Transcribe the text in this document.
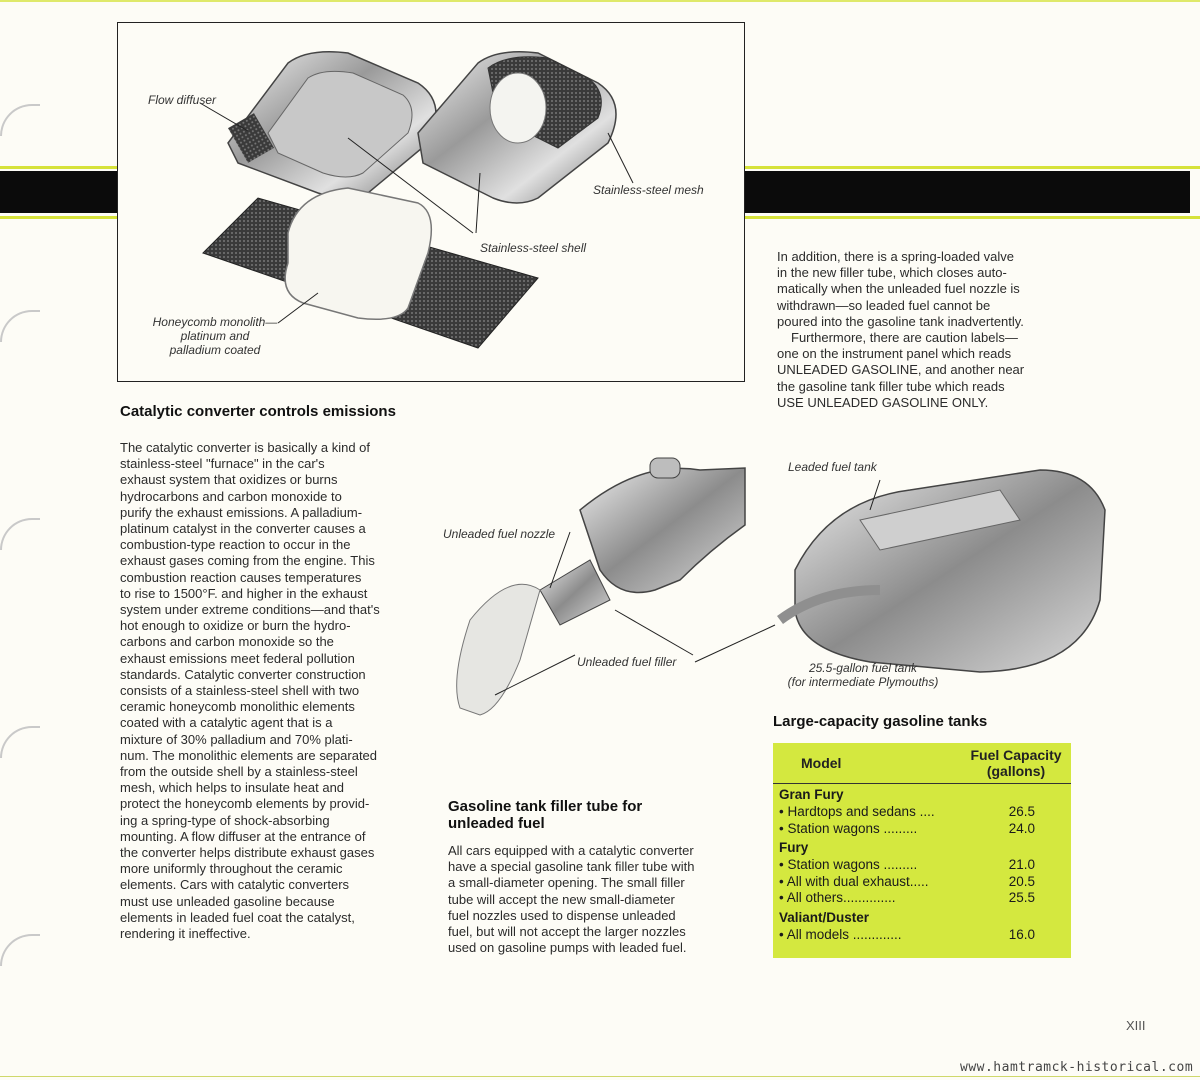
Flow diffuser
Stainless-steel mesh
Stainless-steel shell
Honeycomb monolith—
platinum and
palladium coated
Catalytic converter controls emissions
The catalytic converter is basically a kind of
stainless-steel "furnace" in the car's
exhaust system that oxidizes or burns
hydrocarbons and carbon monoxide to
purify the exhaust emissions. A palladium-
platinum catalyst in the converter causes a
combustion-type reaction to occur in the
exhaust gases coming from the engine. This
combustion reaction causes temperatures
to rise to 1500°F. and higher in the exhaust
system under extreme conditions—and that's
hot enough to oxidize or burn the hydro-
carbons and carbon monoxide so the
exhaust emissions meet federal pollution
standards. Catalytic converter construction
consists of a stainless-steel shell with two
ceramic honeycomb monolithic elements
coated with a catalytic agent that is a
mixture of 30% palladium and 70% plati-
num. The monolithic elements are separated
from the outside shell by a stainless-steel
mesh, which helps to insulate heat and
protect the honeycomb elements by provid-
ing a spring-type of shock-absorbing
mounting. A flow diffuser at the entrance of
the converter helps distribute exhaust gases
more uniformly throughout the ceramic
elements. Cars with catalytic converters
must use unleaded gasoline because
elements in leaded fuel coat the catalyst,
rendering it ineffective.
In addition, there is a spring-loaded valve
in the new filler tube, which closes auto-
matically when the unleaded fuel nozzle is
withdrawn—so leaded fuel cannot be
poured into the gasoline tank inadvertently.
Furthermore, there are caution labels—
one on the instrument panel which reads
UNLEADED GASOLINE, and another near
the gasoline tank filler tube which reads
USE UNLEADED GASOLINE ONLY.
Unleaded fuel nozzle
Unleaded fuel filler
Leaded fuel tank
25.5-gallon fuel tank
(for intermediate Plymouths)
Gasoline tank filler tube for
unleaded fuel
All cars equipped with a catalytic converter
have a special gasoline tank filler tube with
a small-diameter opening. The small filler
tube will accept the new small-diameter
fuel nozzles used to dispense unleaded
fuel, but will not accept the larger nozzles
used on gasoline pumps with leaded fuel.
Large-capacity gasoline tanks
Model	Fuel Capacity
(gallons)
Gran Fury
• Hardtops and sedans ....	26.5
• Station wagons .........	24.0
Fury
• Station wagons .........	21.0
• All with dual exhaust.....	20.5
• All others..............	25.5
Valiant/Duster
• All models .............	16.0
XIII
www.hamtramck-historical.com
